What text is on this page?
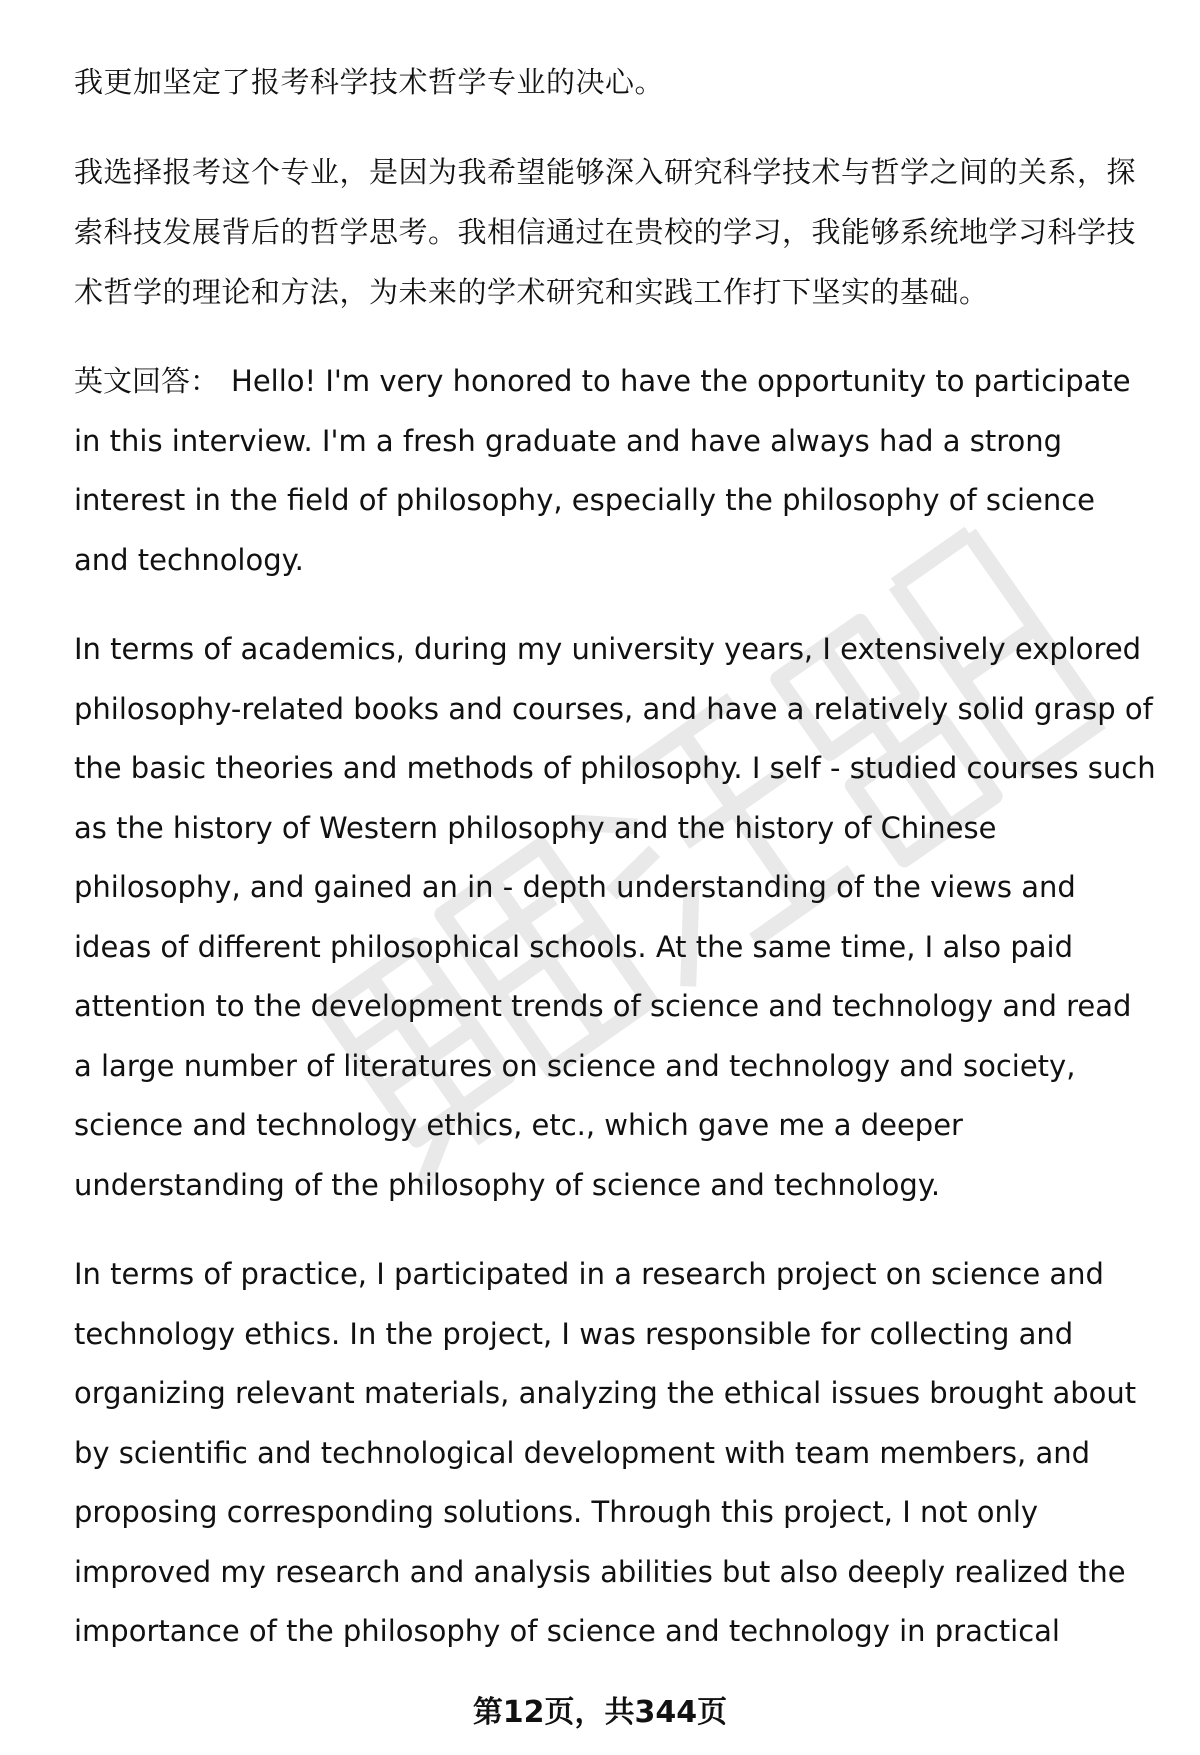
我更加坚定了报考科学技术哲学专业的决心。

我选择报考这个专业，是因为我希望能够深入研究科学技术与哲学之间的关系，探索科技发展背后的哲学思考。我相信通过在贵校的学习，我能够系统地学习科学技术哲学的理论和方法，为未来的学术研究和实践工作打下坚实的基础。

英文回答： Hello! I'm very honored to have the opportunity to participate in this interview. I'm a fresh graduate and have always had a strong interest in the field of philosophy, especially the philosophy of science and technology.

In terms of academics, during my university years, I extensively explored philosophy-related books and courses, and have a relatively solid grasp of the basic theories and methods of philosophy. I self - studied courses such as the history of Western philosophy and the history of Chinese philosophy, and gained an in - depth understanding of the views and ideas of different philosophical schools. At the same time, I also paid attention to the development trends of science and technology and read a large number of literatures on science and technology and society, science and technology ethics, etc., which gave me a deeper understanding of the philosophy of science and technology.

In terms of practice, I participated in a research project on science and technology ethics. In the project, I was responsible for collecting and organizing relevant materials, analyzing the ethical issues brought about by scientific and technological development with team members, and proposing corresponding solutions. Through this project, I not only improved my research and analysis abilities but also deeply realized the importance of the philosophy of science and technology in practical

第12页，共344页
